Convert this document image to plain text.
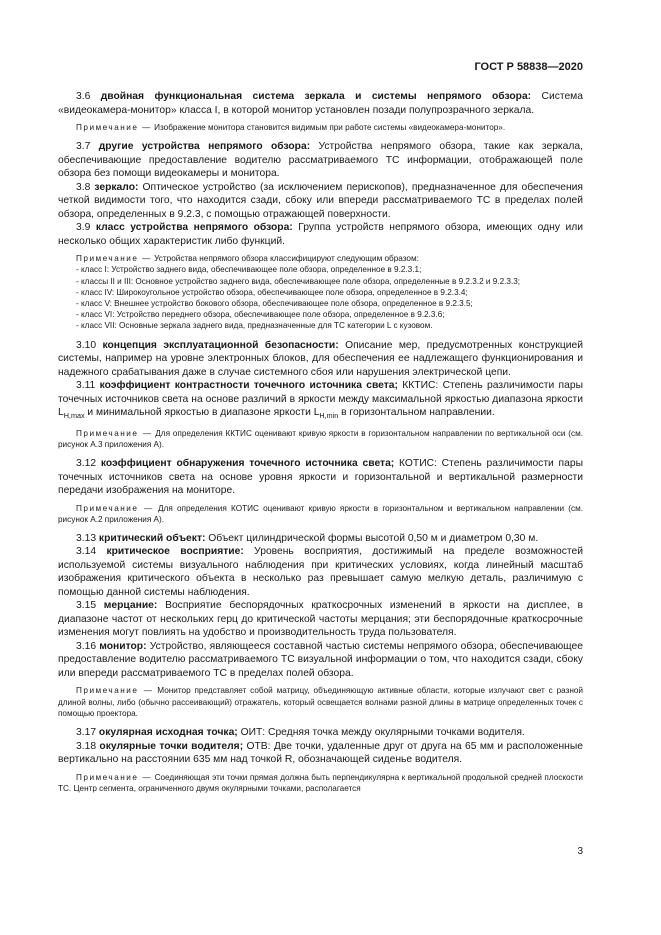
ГОСТ Р 58838—2020

3.6 двойная функциональная система зеркала и системы непрямого обзора: Система «видеокамера-монитор» класса I, в которой монитор установлен позади полупрозрачного зеркала.

Примечание — Изображение монитора становится видимым при работе системы «видеокамера-монитор».

3.7 другие устройства непрямого обзора: Устройства непрямого обзора, такие как зеркала, обеспечивающие предоставление водителю рассматриваемого ТС информации, отображающей поле обзора без помощи видеокамеры и монитора.

3.8 зеркало: Оптическое устройство (за исключением перископов), предназначенное для обеспечения четкой видимости того, что находится сзади, сбоку или впереди рассматриваемого ТС в пределах полей обзора, определенных в 9.2.3, с помощью отражающей поверхности.

3.9 класс устройства непрямого обзора: Группа устройств непрямого обзора, имеющих одну или несколько общих характеристик либо функций.

Примечание — Устройства непрямого обзора классифицируют следующим образом:

- класс I: Устройство заднего вида, обеспечивающее поле обзора, определенное в 9.2.3.1;

- классы II и III: Основное устройство заднего вида, обеспечивающее поле обзора, определенные в 9.2.3.2 и 9.2.3.3;

- класс IV: Широкоугольное устройство обзора, обеспечивающее поле обзора, определенное в 9.2.3.4;

- класс V: Внешнее устройство бокового обзора, обеспечивающее поле обзора, определенное в 9.2.3.5;

- класс VI: Устройство переднего обзора, обеспечивающее поле обзора, определенное в 9.2.3.6;

- класс VII: Основные зеркала заднего вида, предназначенные для ТС категории L с кузовом.

3.10 концепция эксплуатационной безопасности: Описание мер, предусмотренных конструкцией системы, например на уровне электронных блоков, для обеспечения ее надлежащего функционирования и надежного срабатывания даже в случае системного сбоя или нарушения электрической цепи.

3.11 коэффициент контрастности точечного источника света; ККТИС: Степень различимости пары точечных источников света на основе различий в яркости между максимальной яркостью диапазона яркости $L_{H,max}$ и минимальной яркостью в диапазоне яркости $L_{H,min}$ в горизонтальном направлении.

Примечание — Для определения ККТИС оценивают кривую яркости в горизонтальном направлении по вертикальной оси (см. рисунок А.3 приложения А).

3.12 коэффициент обнаружения точечного источника света; КОТИС: Степень различимости пары точечных источников света на основе уровня яркости и горизонтальной и вертикальной размерности передачи изображения на мониторе.

Примечание — Для определения КОТИС оценивают кривую яркости в горизонтальном и вертикальном направлении (см. рисунок А.2 приложения А).

3.13 критический объект: Объект цилиндрической формы высотой 0,50 м и диаметром 0,30 м.

3.14 критическое восприятие: Уровень восприятия, достижимый на пределе возможностей используемой системы визуального наблюдения при критических условиях, когда линейный масштаб изображения критического объекта в несколько раз превышает самую мелкую деталь, различимую с помощью данной системы наблюдения.

3.15 мерцание: Восприятие беспорядочных краткосрочных изменений в яркости на дисплее, в диапазоне частот от нескольких герц до критической частоты мерцания; эти беспорядочные краткосрочные изменения могут повлиять на удобство и производительность труда пользователя.

3.16 монитор: Устройство, являющееся составной частью системы непрямого обзора, обеспечивающее предоставление водителю рассматриваемого ТС визуальной информации о том, что находится сзади, сбоку или впереди рассматриваемого ТС в пределах полей обзора.

Примечание — Монитор представляет собой матрицу, объединяющую активные области, которые излучают свет с разной длиной волны, либо (обычно рассеивающий) отражатель, который освещается волнами разной длины в матрице определенных точек с помощью проектора.

3.17 окулярная исходная точка; ОИТ: Средняя точка между окулярными точками водителя.

3.18 окулярные точки водителя; ОТВ: Две точки, удаленные друг от друга на 65 мм и расположенные вертикально на расстоянии 635 мм над точкой R, обозначающей сиденье водителя.

Примечание — Соединяющая эти точки прямая должна быть перпендикулярна к вертикальной продольной средней плоскости ТС. Центр сегмента, ограниченного двумя окулярными точками, располагается

3
